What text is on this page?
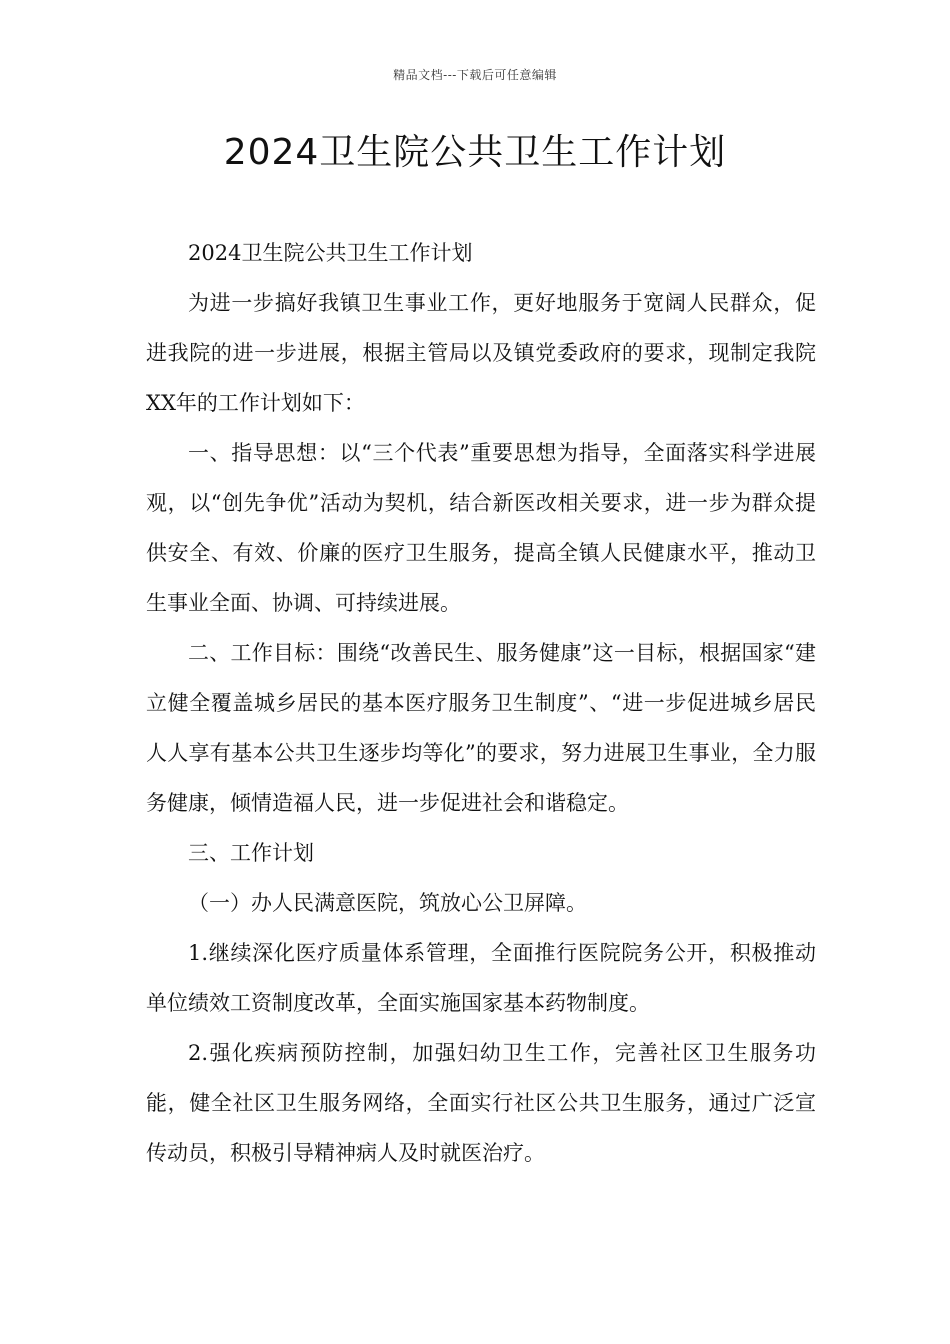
精品文档---下载后可任意编辑
2024卫生院公共卫生工作计划

2024卫生院公共卫生工作计划

为进一步搞好我镇卫生事业工作，更好地服务于宽阔人民群众，促进我院的进一步进展，根据主管局以及镇党委政府的要求，现制定我院XX年的工作计划如下：

一、指导思想：以“三个代表”重要思想为指导，全面落实科学进展观，以“创先争优”活动为契机，结合新医改相关要求，进一步为群众提供安全、有效、价廉的医疗卫生服务，提高全镇人民健康水平，推动卫生事业全面、协调、可持续进展。

二、工作目标：围绕“改善民生、服务健康”这一目标，根据国家“建立健全覆盖城乡居民的基本医疗服务卫生制度”、“进一步促进城乡居民人人享有基本公共卫生逐步均等化”的要求，努力进展卫生事业，全力服务健康，倾情造福人民，进一步促进社会和谐稳定。

三、工作计划

（一）办人民满意医院，筑放心公卫屏障。

1.继续深化医疗质量体系管理，全面推行医院院务公开，积极推动单位绩效工资制度改革，全面实施国家基本药物制度。

2.强化疾病预防控制，加强妇幼卫生工作，完善社区卫生服务功能，健全社区卫生服务网络，全面实行社区公共卫生服务，通过广泛宣传动员，积极引导精神病人及时就医治疗。
